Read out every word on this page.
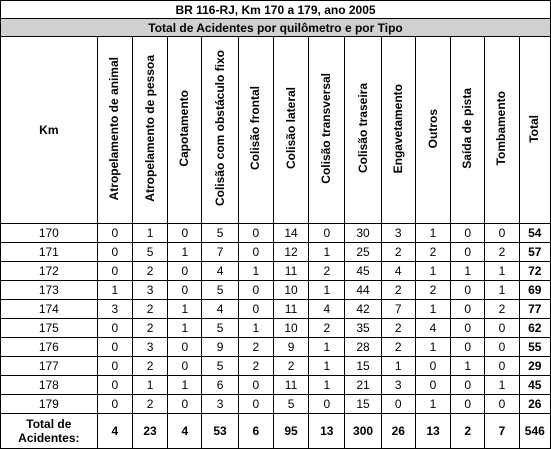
BR 116-RJ, Km 170 a 179, ano 2005													
Total de Acidentes por quilômetro e por Tipo													
Km	Atropelamento de animal	Atropelamento de pessoa	Capotamento	Colisão com obstáculo fixo	Colisão frontal	Colisão lateral	Colisão transversal	Colisão traseira	Engavetamento	Outros	Saída de pista	Tombamento	Total
170	0	1	0	5	0	14	0	30	3	1	0	0	54
171	0	5	1	7	0	12	1	25	2	2	0	2	57
172	0	2	0	4	1	11	2	45	4	1	1	1	72
173	1	3	0	5	0	10	1	44	2	2	0	1	69
174	3	2	1	4	0	11	4	42	7	1	0	2	77
175	0	2	1	5	1	10	2	35	2	4	0	0	62
176	0	3	0	9	2	9	1	28	2	1	0	0	55
177	0	2	0	5	2	2	1	15	1	0	1	0	29
178	0	1	1	6	0	11	1	21	3	0	0	1	45
179	0	2	0	3	0	5	0	15	0	1	0	0	26
Total de
Acidentes:	4	23	4	53	6	95	13	300	26	13	2	7	546
